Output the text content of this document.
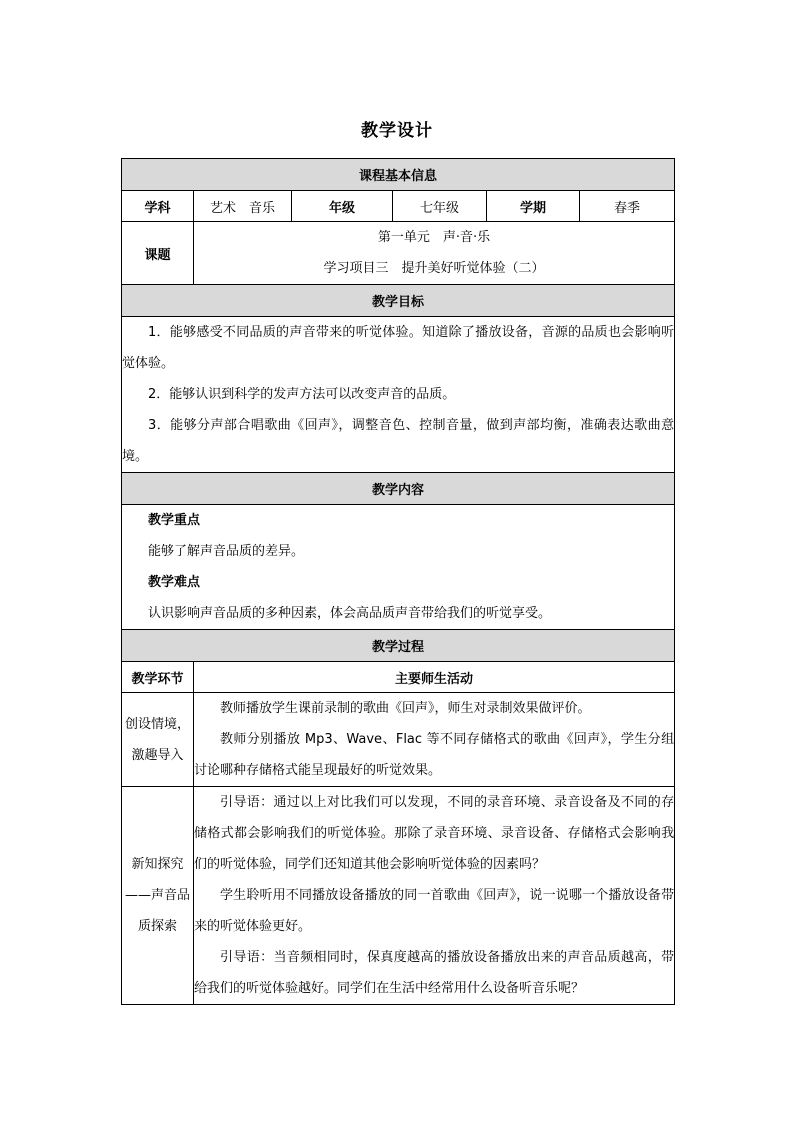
教学设计
课程基本信息					
学科	艺术　音乐	年级	七年级	学期	春季
课题	第一单元　声·音·乐
学习项目三　提升美好听觉体验（二）				

教学目标					

1．能够感受不同品质的声音带来的听觉体验。知道除了播放设备，音源的品质也会影响听觉体验。
2．能够认识到科学的发声方法可以改变声音的品质。
3．能够分声部合唱歌曲《回声》，调整音色、控制音量，做到声部均衡，准确表达歌曲意境。					

教学内容					

教学重点
能够了解声音品质的差异。
教学难点
认识影响声音品质的多种因素，体会高品质声音带给我们的听觉享受。					

教学过程					
教学环节	主要师生活动				
创设情境，激趣导入	教师播放学生课前录制的歌曲《回声》，师生对录制效果做评价。
教师分别播放 Mp3、Wave、Flac 等不同存储格式的歌曲《回声》，学生分组讨论哪种存储格式能呈现最好的听觉效果。				

新知探究——声音品质探索	引导语：通过以上对比我们可以发现，不同的录音环境、录音设备及不同的存储格式都会影响我们的听觉体验。那除了录音环境、录音设备、存储格式会影响我们的听觉体验，同学们还知道其他会影响听觉体验的因素吗？
学生聆听用不同播放设备播放的同一首歌曲《回声》，说一说哪一个播放设备带来的听觉体验更好。
引导语：当音频相同时，保真度越高的播放设备播放出来的声音品质越高，带给我们的听觉体验越好。同学们在生活中经常用什么设备听音乐呢？				
